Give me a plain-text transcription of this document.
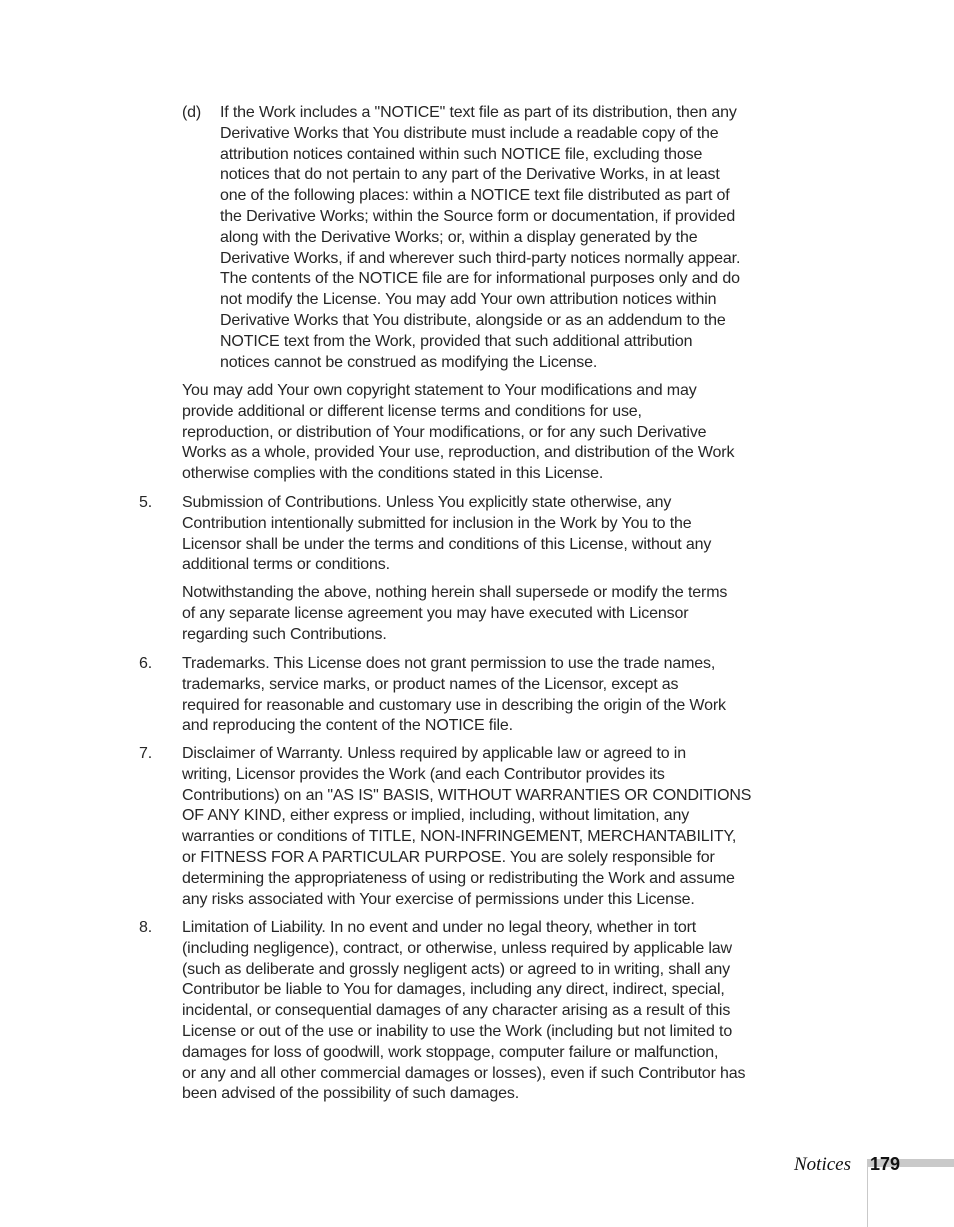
(d) If the Work includes a "NOTICE" text file as part of its distribution, then any
Derivative Works that You distribute must include a readable copy of the
attribution notices contained within such NOTICE file, excluding those
notices that do not pertain to any part of the Derivative Works, in at least
one of the following places: within a NOTICE text file distributed as part of
the Derivative Works; within the Source form or documentation, if provided
along with the Derivative Works; or, within a display generated by the
Derivative Works, if and wherever such third-party notices normally appear.
The contents of the NOTICE file are for informational purposes only and do
not modify the License. You may add Your own attribution notices within
Derivative Works that You distribute, alongside or as an addendum to the
NOTICE text from the Work, provided that such additional attribution
notices cannot be construed as modifying the License.
You may add Your own copyright statement to Your modifications and may
provide additional or different license terms and conditions for use,
reproduction, or distribution of Your modifications, or for any such Derivative
Works as a whole, provided Your use, reproduction, and distribution of the Work
otherwise complies with the conditions stated in this License.
5. Submission of Contributions. Unless You explicitly state otherwise, any
Contribution intentionally submitted for inclusion in the Work by You to the
Licensor shall be under the terms and conditions of this License, without any
additional terms or conditions.
Notwithstanding the above, nothing herein shall supersede or modify the terms
of any separate license agreement you may have executed with Licensor
regarding such Contributions.
6. Trademarks. This License does not grant permission to use the trade names,
trademarks, service marks, or product names of the Licensor, except as
required for reasonable and customary use in describing the origin of the Work
and reproducing the content of the NOTICE file.
7. Disclaimer of Warranty. Unless required by applicable law or agreed to in
writing, Licensor provides the Work (and each Contributor provides its
Contributions) on an "AS IS" BASIS, WITHOUT WARRANTIES OR CONDITIONS
OF ANY KIND, either express or implied, including, without limitation, any
warranties or conditions of TITLE, NON-INFRINGEMENT, MERCHANTABILITY,
or FITNESS FOR A PARTICULAR PURPOSE. You are solely responsible for
determining the appropriateness of using or redistributing the Work and assume
any risks associated with Your exercise of permissions under this License.
8. Limitation of Liability. In no event and under no legal theory, whether in tort
(including negligence), contract, or otherwise, unless required by applicable law
(such as deliberate and grossly negligent acts) or agreed to in writing, shall any
Contributor be liable to You for damages, including any direct, indirect, special,
incidental, or consequential damages of any character arising as a result of this
License or out of the use or inability to use the Work (including but not limited to
damages for loss of goodwill, work stoppage, computer failure or malfunction,
or any and all other commercial damages or losses), even if such Contributor has
been advised of the possibility of such damages.
Notices 179
